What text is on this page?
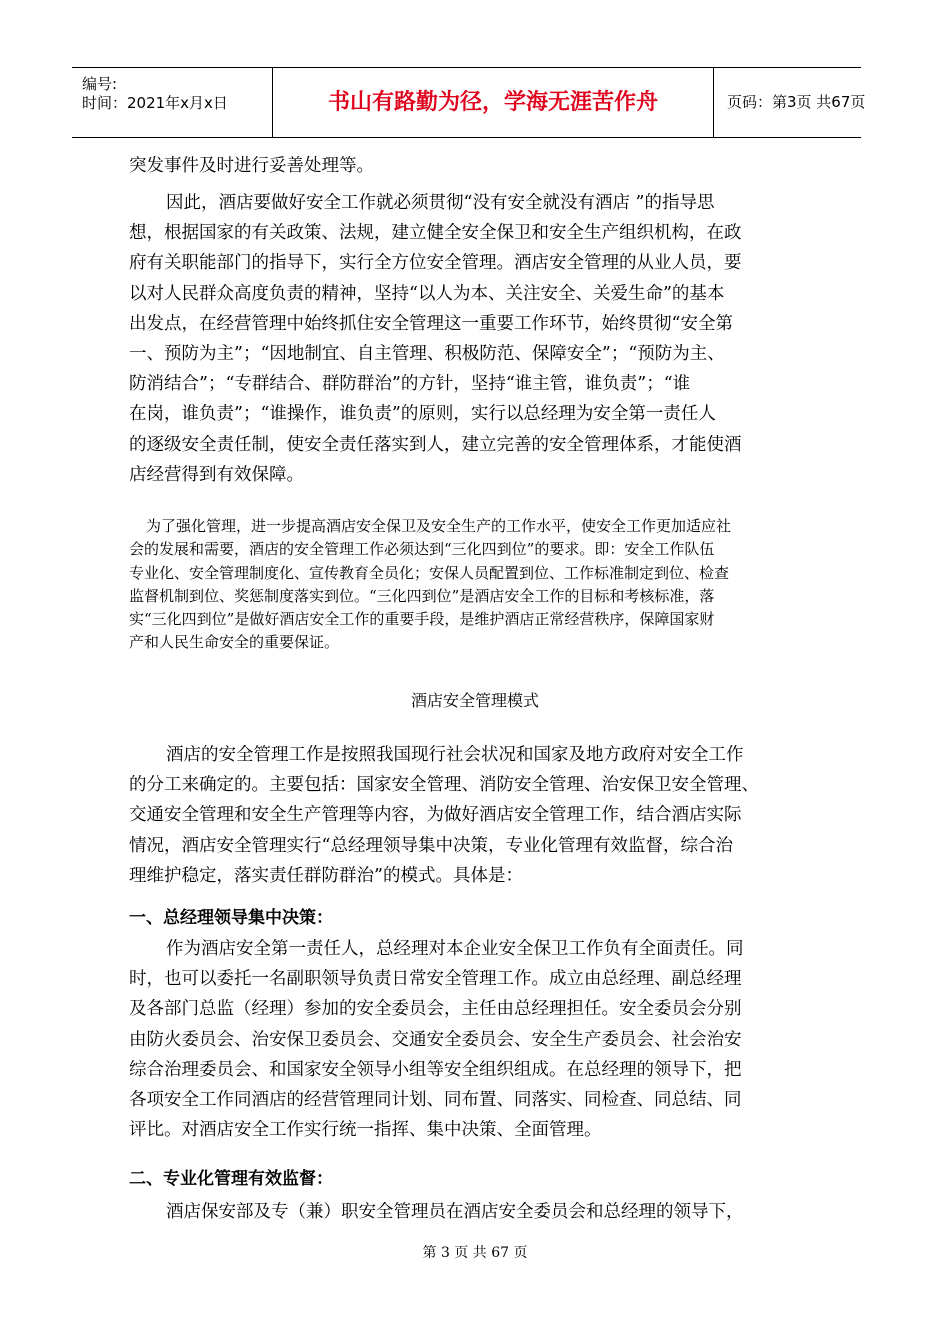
编号:
时间：2021年x月x日	书山有路勤为径，学海无涯苦作舟	页码：第3页 共67页
突发事件及时进行妥善处理等。
因此，酒店要做好安全工作就必须贯彻“没有安全就没有酒店 ”的指导思
想，根据国家的有关政策、法规，建立健全安全保卫和安全生产组织机构，在政
府有关职能部门的指导下，实行全方位安全管理。酒店安全管理的从业人员，要
以对人民群众高度负责的精神，坚持“以人为本、关注安全、关爱生命”的基本
出发点，在经营管理中始终抓住安全管理这一重要工作环节，始终贯彻“安全第
一、预防为主”；“因地制宜、自主管理、积极防范、保障安全”；“预防为主、
防消结合”；“专群结合、群防群治”的方针，坚持“谁主管，谁负责”；“谁
在岗，谁负责”；“谁操作，谁负责”的原则，实行以总经理为安全第一责任人
的逐级安全责任制，使安全责任落实到人，建立完善的安全管理体系，才能使酒
店经营得到有效保障。
为了强化管理，进一步提高酒店安全保卫及安全生产的工作水平，使安全工作更加适应社
会的发展和需要，酒店的安全管理工作必须达到“三化四到位”的要求。即：安全工作队伍
专业化、安全管理制度化、宣传教育全员化；安保人员配置到位、工作标准制定到位、检查
监督机制到位、奖惩制度落实到位。“三化四到位”是酒店安全工作的目标和考核标准，落
实“三化四到位”是做好酒店安全工作的重要手段，是维护酒店正常经营秩序，保障国家财
产和人民生命安全的重要保证。
酒店安全管理模式
酒店的安全管理工作是按照我国现行社会状况和国家及地方政府对安全工作
的分工来确定的。主要包括：国家安全管理、消防安全管理、治安保卫安全管理、
交通安全管理和安全生产管理等内容，为做好酒店安全管理工作，结合酒店实际
情况，酒店安全管理实行“总经理领导集中决策，专业化管理有效监督，综合治
理维护稳定，落实责任群防群治”的模式。具体是：
一、总经理领导集中决策：
作为酒店安全第一责任人，总经理对本企业安全保卫工作负有全面责任。同
时，也可以委托一名副职领导负责日常安全管理工作。成立由总经理、副总经理
及各部门总监（经理）参加的安全委员会，主任由总经理担任。安全委员会分别
由防火委员会、治安保卫委员会、交通安全委员会、安全生产委员会、社会治安
综合治理委员会、和国家安全领导小组等安全组织组成。在总经理的领导下，把
各项安全工作同酒店的经营管理同计划、同布置、同落实、同检查、同总结、同
评比。对酒店安全工作实行统一指挥、集中决策、全面管理。
二、专业化管理有效监督：
酒店保安部及专（兼）职安全管理员在酒店安全委员会和总经理的领导下，
第 3 页 共 67 页
